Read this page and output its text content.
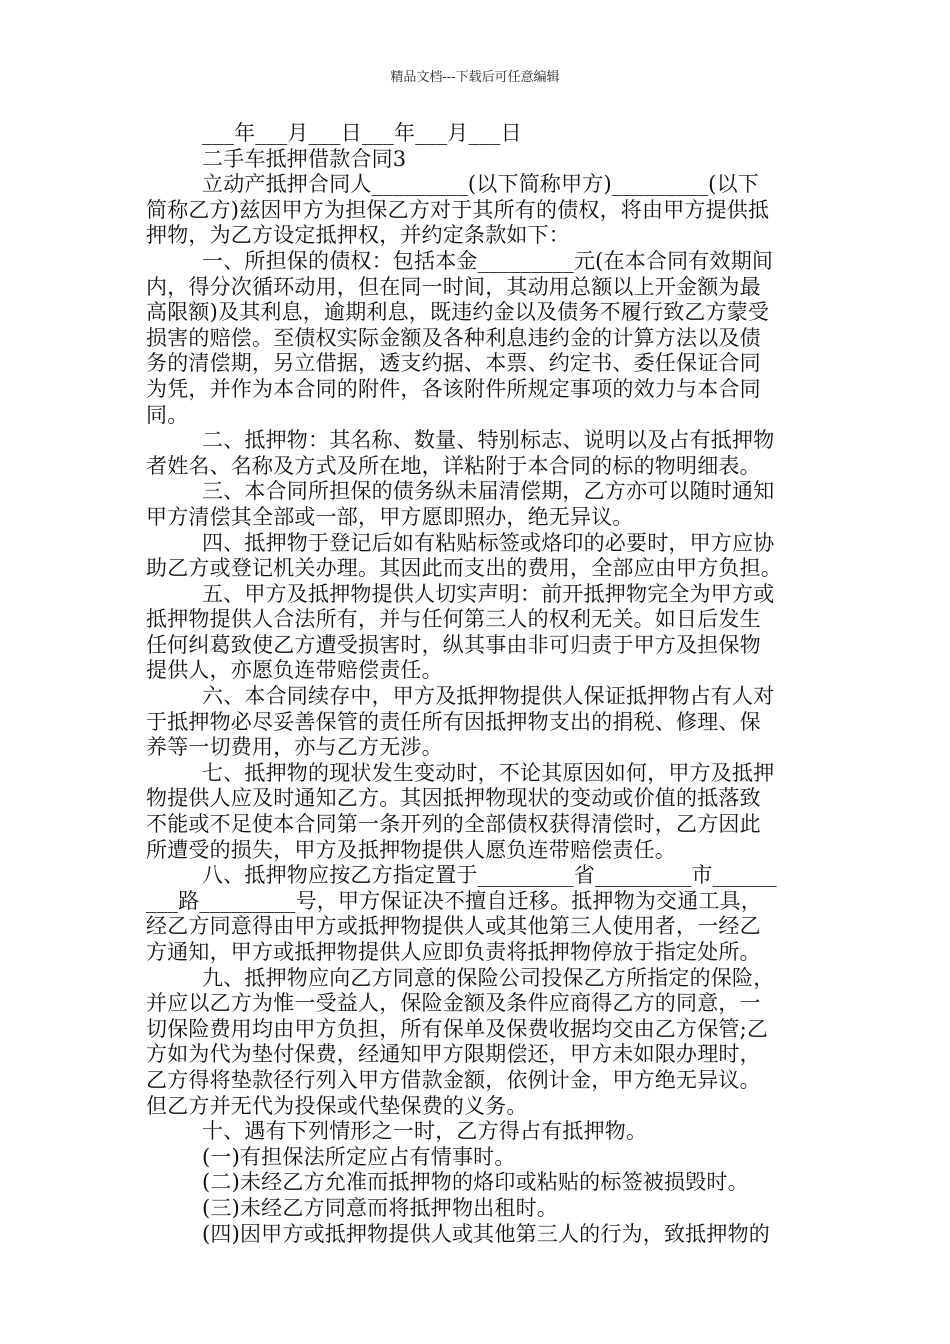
精品文档---下载后可任意编辑
___年___月___日___年___月___日
二手车抵押借款合同3
立动产抵押合同人_________(以下简称甲方)_________(以下
简称乙方)兹因甲方为担保乙方对于其所有的债权，将由甲方提供抵
押物，为乙方设定抵押权，并约定条款如下：
一、所担保的债权：包括本金_________元(在本合同有效期间
内，得分次循环动用，但在同一时间，其动用总额以上开金额为最
高限额)及其利息，逾期利息，既违约金以及债务不履行致乙方蒙受
损害的赔偿。至债权实际金额及各种利息违约金的计算方法以及债
务的清偿期，另立借据，透支约据、本票、约定书、委任保证合同
为凭，并作为本合同的附件，各该附件所规定事项的效力与本合同
同。
二、抵押物：其名称、数量、特别标志、说明以及占有抵押物
者姓名、名称及方式及所在地，详粘附于本合同的标的物明细表。
三、本合同所担保的债务纵未届清偿期，乙方亦可以随时通知
甲方清偿其全部或一部，甲方愿即照办，绝无异议。
四、抵押物于登记后如有粘贴标签或烙印的必要时，甲方应协
助乙方或登记机关办理。其因此而支出的费用，全部应由甲方负担。
五、甲方及抵押物提供人切实声明：前开抵押物完全为甲方或
抵押物提供人合法所有，并与任何第三人的权利无关。如日后发生
任何纠葛致使乙方遭受损害时，纵其事由非可归责于甲方及担保物
提供人，亦愿负连带赔偿责任。
六、本合同续存中，甲方及抵押物提供人保证抵押物占有人对
于抵押物必尽妥善保管的责任所有因抵押物支出的捐税、修理、保
养等一切费用，亦与乙方无涉。
七、抵押物的现状发生变动时，不论其原因如何，甲方及抵押
物提供人应及时通知乙方。其因抵押物现状的变动或价值的抵落致
不能或不足使本合同第一条开列的全部债权获得清偿时，乙方因此
所遭受的损失，甲方及抵押物提供人愿负连带赔偿责任。
八、抵押物应按乙方指定置于_________省_________市______
___路_________号，甲方保证决不擅自迁移。抵押物为交通工具，
经乙方同意得由甲方或抵押物提供人或其他第三人使用者，一经乙
方通知，甲方或抵押物提供人应即负责将抵押物停放于指定处所。
九、抵押物应向乙方同意的保险公司投保乙方所指定的保险，
并应以乙方为惟一受益人，保险金额及条件应商得乙方的同意，一
切保险费用均由甲方负担，所有保单及保费收据均交由乙方保管;乙
方如为代为垫付保费，经通知甲方限期偿还，甲方未如限办理时，
乙方得将垫款径行列入甲方借款金额，依例计金，甲方绝无异议。
但乙方并无代为投保或代垫保费的义务。
十、遇有下列情形之一时，乙方得占有抵押物。
(一)有担保法所定应占有情事时。
(二)未经乙方允准而抵押物的烙印或粘贴的标签被损毁时。
(三)未经乙方同意而将抵押物出租时。
(四)因甲方或抵押物提供人或其他第三人的行为，致抵押物的
